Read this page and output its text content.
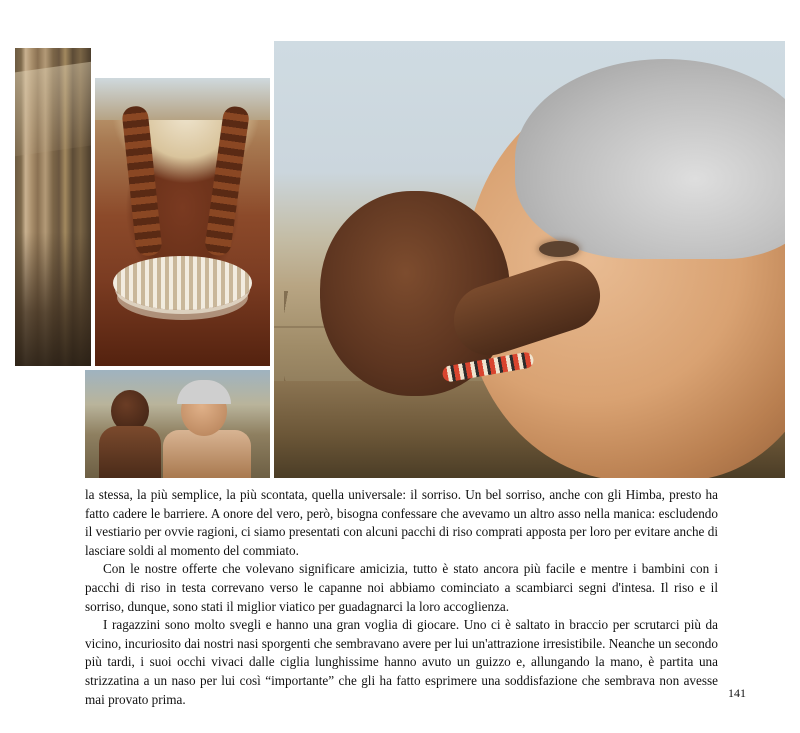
la stessa, la più semplice, la più scontata, quella universale: il sorriso. Un bel sorriso, anche con gli Himba, presto ha fatto cadere le barriere. A onore del vero, però, bisogna confessare che avevamo un altro asso nella manica: escludendo il vestiario per ovvie ragioni, ci siamo presentati con alcuni pacchi di riso comprati apposta per loro per evitare anche di lasciare soldi al momento del commiato.

Con le nostre offerte che volevano significare amicizia, tutto è stato ancora più facile e mentre i bambini con i pacchi di riso in testa correvano verso le capanne noi abbiamo cominciato a scambiarci segni d'intesa. Il riso e il sorriso, dunque, sono stati il miglior viatico per guadagnarci la loro accoglienza.

I ragazzini sono molto svegli e hanno una gran voglia di giocare. Uno ci è saltato in braccio per scrutarci più da vicino, incuriosito dai nostri nasi sporgenti che sembravano avere per lui un'attrazione irresistibile. Neanche un secondo più tardi, i suoi occhi vivaci dalle ciglia lunghissime hanno avuto un guizzo e, allungando la mano, è partita una strizzatina a un naso per lui così “importante” che gli ha fatto esprimere una soddisfazione che sembrava non avesse mai provato prima.	141
